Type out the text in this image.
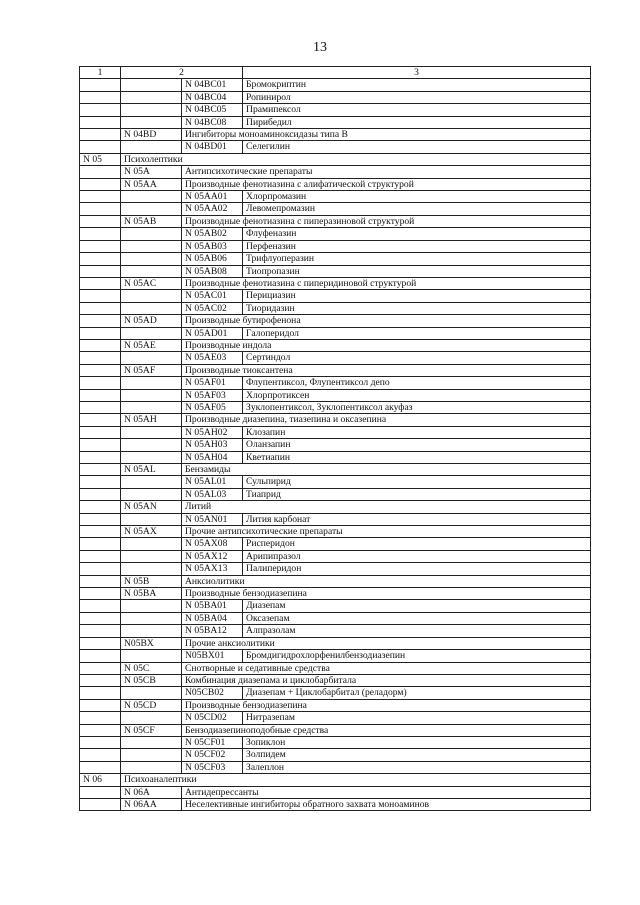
13
1	2		3
		N 04BC01	Бромокриптин
		N 04BC04	Ропинирол
		N 04BC05	Прамипексол
		N 04BC08	Пирибедил
	N 04BD	Ингибиторы моноаминоксидазы типа B	
		N 04BD01	Селегилин
N 05	Психолептики		
	N 05A	Антипсихотические препараты	
	N 05AA	Производные фенотиазина с алифатической структурой	
		N 05AA01	Хлорпромазин
		N 05AA02	Левомепромазин
	N 05AB	Производные фенотиазина с пиперазиновой структурой	
		N 05AB02	Флуфеназин
		N 05AB03	Перфеназин
		N 05AB06	Трифлуоперазин
		N 05AB08	Тиопропазин
	N 05AC	Производные фенотиазина с пиперидиновой структурой	
		N 05AC01	Перициазин
		N 05AC02	Тиоридазин
	N 05AD	Производные бутирофенона	
		N 05AD01	Галоперидол
	N 05AE	Производные индола	
		N 05AE03	Сертиндол
	N 05AF	Производные тиоксантена	
		N 05AF01	Флупентиксол, Флупентиксол депо
		N 05AF03	Хлорпротиксен
		N 05AF05	Зуклопентиксол, Зуклопентиксол акуфаз
	N 05AH	Производные диазепина, тиазепина и оксазепина	
		N 05AH02	Клозапин
		N 05AH03	Оланзапин
		N 05AH04	Кветиапин
	N 05AL	Бензамиды	
		N 05AL01	Сульпирид
		N 05AL03	Тиаприд
	N 05AN	Литий	
		N 05AN01	Лития карбонат
	N 05AX	Прочие антипсихотические препараты	
		N 05AX08	Рисперидон
		N 05AX12	Арипипразол
		N 05AX13	Палиперидон
	N 05B	Анксиолитики	
	N 05BA	Производные бензодиазепина	
		N 05BA01	Диазепам
		N 05BA04	Оксазепам
		N 05BA12	Алпразолам
	N05BX	Прочие анксиолитики	
		N05BX01	Бромдигидрохлорфенилбензодиазепин
	N 05C	Снотворные и седативные средства	
	N 05CB	Комбинация диазепама и циклобарбитала	
		N05CB02	Диазепам + Циклобарбитал (реладорм)
	N 05CD	Производные бензодиазепина	
		N 05CD02	Нитразепам
	N 05CF	Бензодиазепиноподобные средства	
		N 05CF01	Зопиклон
		N 05CF02	Золпидем
		N 05CF03	Залеплон
N 06	Психоаналептики		
	N 06A	Антидепрессанты	
	N 06AA	Неселективные ингибиторы обратного захвата моноаминов	
